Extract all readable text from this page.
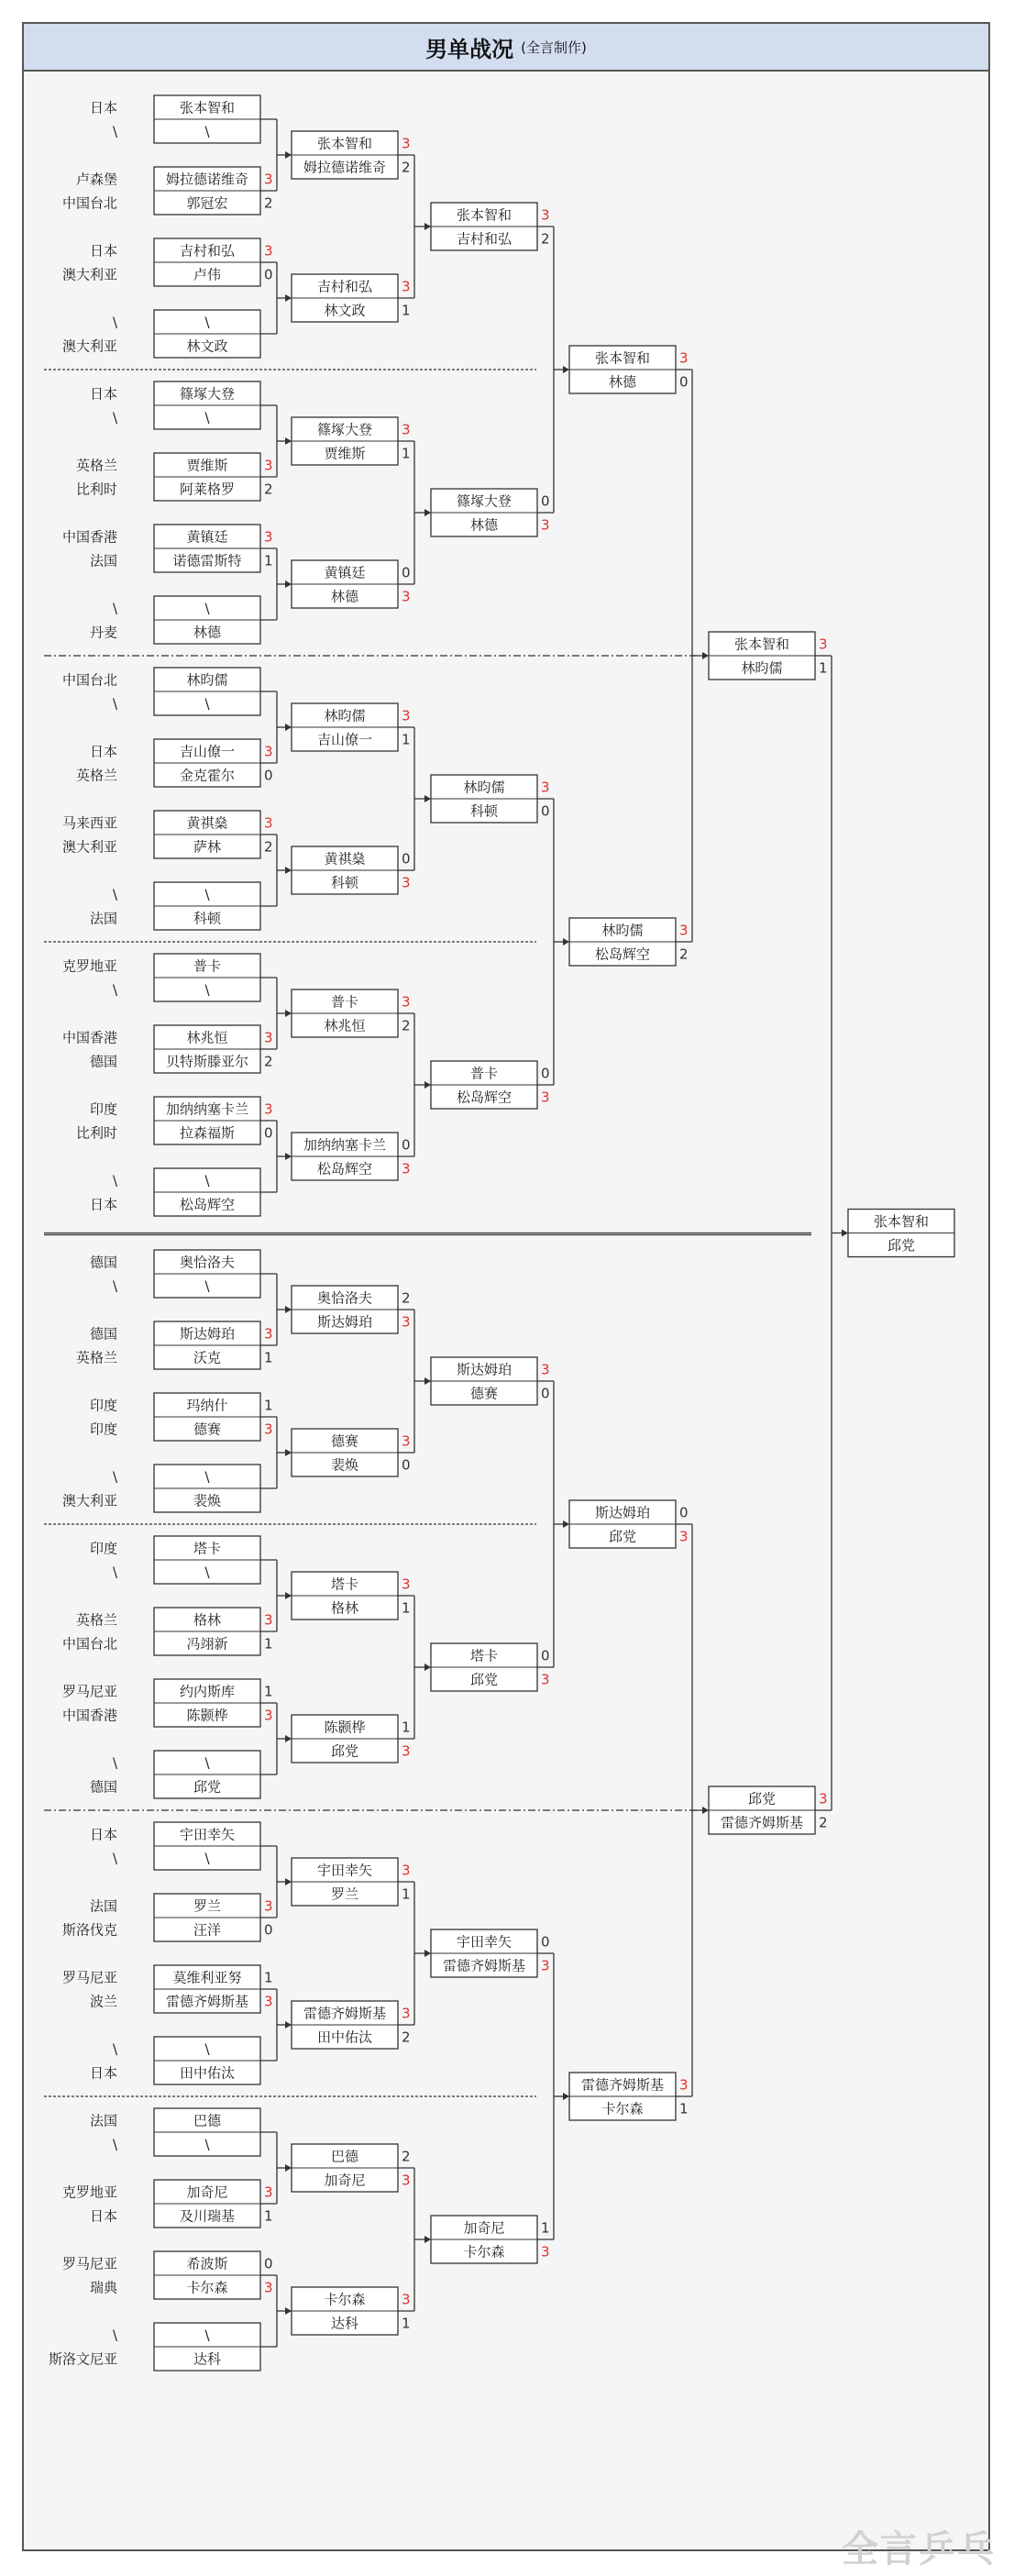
男单战况 (全言制作)
张本智和
\
日本
\
姆拉德诺维奇
郭冠宏
3
2
卢森堡
中国台北
吉村和弘
卢伟
3
0
日本
澳大利亚
\
林文政
\
澳大利亚
篠塚大登
\
日本
\
贾维斯
阿莱格罗
3
2
英格兰
比利时
黄镇廷
诺德雷斯特
3
1
中国香港
法国
\
林德
\
丹麦
林昀儒
\
中国台北
\
吉山僚一
金克霍尔
3
0
日本
英格兰
黄祺燊
萨林
3
2
马来西亚
澳大利亚
\
科顿
\
法国
普卡
\
克罗地亚
\
林兆恒
贝特斯滕亚尔
3
2
中国香港
德国
加纳纳塞卡兰
拉森福斯
3
0
印度
比利时
\
松岛辉空
\
日本
奥恰洛夫
\
德国
\
斯达姆珀
沃克
3
1
德国
英格兰
玛纳什
德赛
1
3
印度
印度
\
裴焕
\
澳大利亚
塔卡
\
印度
\
格林
冯翊新
3
1
英格兰
中国台北
约内斯库
陈颢桦
1
3
罗马尼亚
中国香港
\
邱党
\
德国
宇田幸矢
\
日本
\
罗兰
汪洋
3
0
法国
斯洛伐克
莫维利亚努
雷德齐姆斯基
1
3
罗马尼亚
波兰
\
田中佑汰
\
日本
巴德
\
法国
\
加奇尼
及川瑞基
3
1
克罗地亚
日本
希波斯
卡尔森
0
3
罗马尼亚
瑞典
\
达科
\
斯洛文尼亚
张本智和
姆拉德诺维奇
3
2
吉村和弘
林文政
3
1
篠塚大登
贾维斯
3
1
黄镇廷
林德
0
3
林昀儒
吉山僚一
3
1
黄祺燊
科顿
0
3
普卡
林兆恒
3
2
加纳纳塞卡兰
松岛辉空
0
3
奥恰洛夫
斯达姆珀
2
3
德赛
裴焕
3
0
塔卡
格林
3
1
陈颢桦
邱党
1
3
宇田幸矢
罗兰
3
1
雷德齐姆斯基
田中佑汰
3
2
巴德
加奇尼
2
3
卡尔森
达科
3
1
张本智和
吉村和弘
3
2
篠塚大登
林德
0
3
林昀儒
科顿
3
0
普卡
松岛辉空
0
3
斯达姆珀
德赛
3
0
塔卡
邱党
0
3
宇田幸矢
雷德齐姆斯基
0
3
加奇尼
卡尔森
1
3
张本智和
林德
3
0
林昀儒
松岛辉空
3
2
斯达姆珀
邱党
0
3
雷德齐姆斯基
卡尔森
3
1
张本智和
林昀儒
3
1
邱党
雷德齐姆斯基
3
2
张本智和
邱党
全言乒乓
